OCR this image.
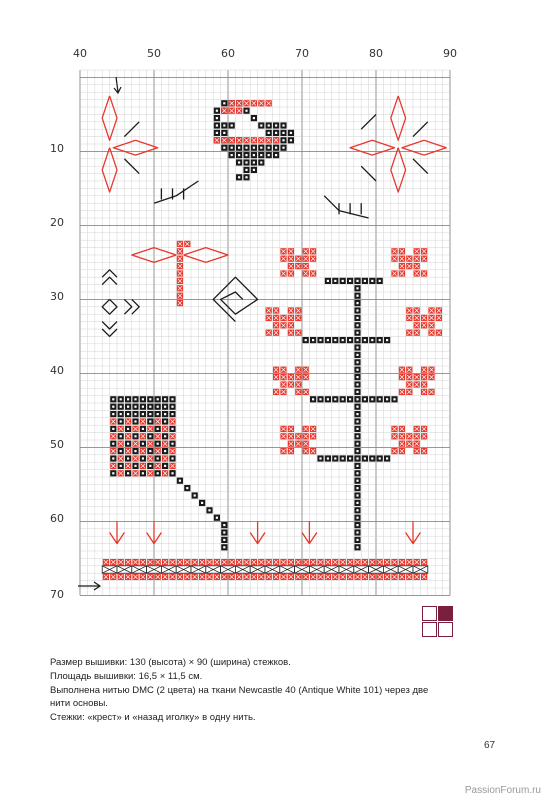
40	50	60	70	80	90
10
20
30
40
50
60
70
Размер вышивки: 130 (высота) × 90 (ширина) стежков.
Площадь вышивки: 16,5 × 11,5 см.
Выполнена нитью DMC (2 цвета) на ткани Newcastle 40 (Antique White 101) через две
нити основы.
Стежки: «крест» и «назад иголку» в одну нить.
67
PassionForum.ru
